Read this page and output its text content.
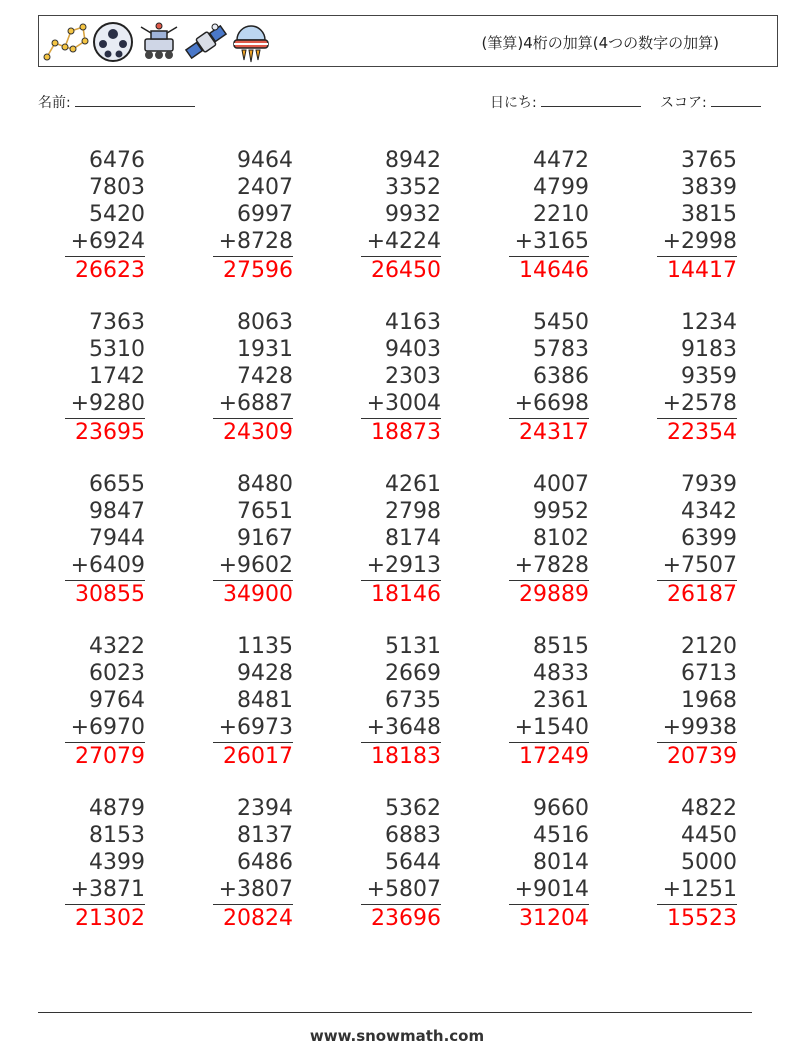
(筆算)4桁の加算(4つの数字の加算)
名前:	日にち:	スコア:
6476
7803
5420
+6924
26623
9464
2407
6997
+8728
27596
8942
3352
9932
+4224
26450
4472
4799
2210
+3165
14646
3765
3839
3815
+2998
14417
7363
5310
1742
+9280
23695
8063
1931
7428
+6887
24309
4163
9403
2303
+3004
18873
5450
5783
6386
+6698
24317
1234
9183
9359
+2578
22354
6655
9847
7944
+6409
30855
8480
7651
9167
+9602
34900
4261
2798
8174
+2913
18146
4007
9952
8102
+7828
29889
7939
4342
6399
+7507
26187
4322
6023
9764
+6970
27079
1135
9428
8481
+6973
26017
5131
2669
6735
+3648
18183
8515
4833
2361
+1540
17249
2120
6713
1968
+9938
20739
4879
8153
4399
+3871
21302
2394
8137
6486
+3807
20824
5362
6883
5644
+5807
23696
9660
4516
8014
+9014
31204
4822
4450
5000
+1251
15523
www.snowmath.com
